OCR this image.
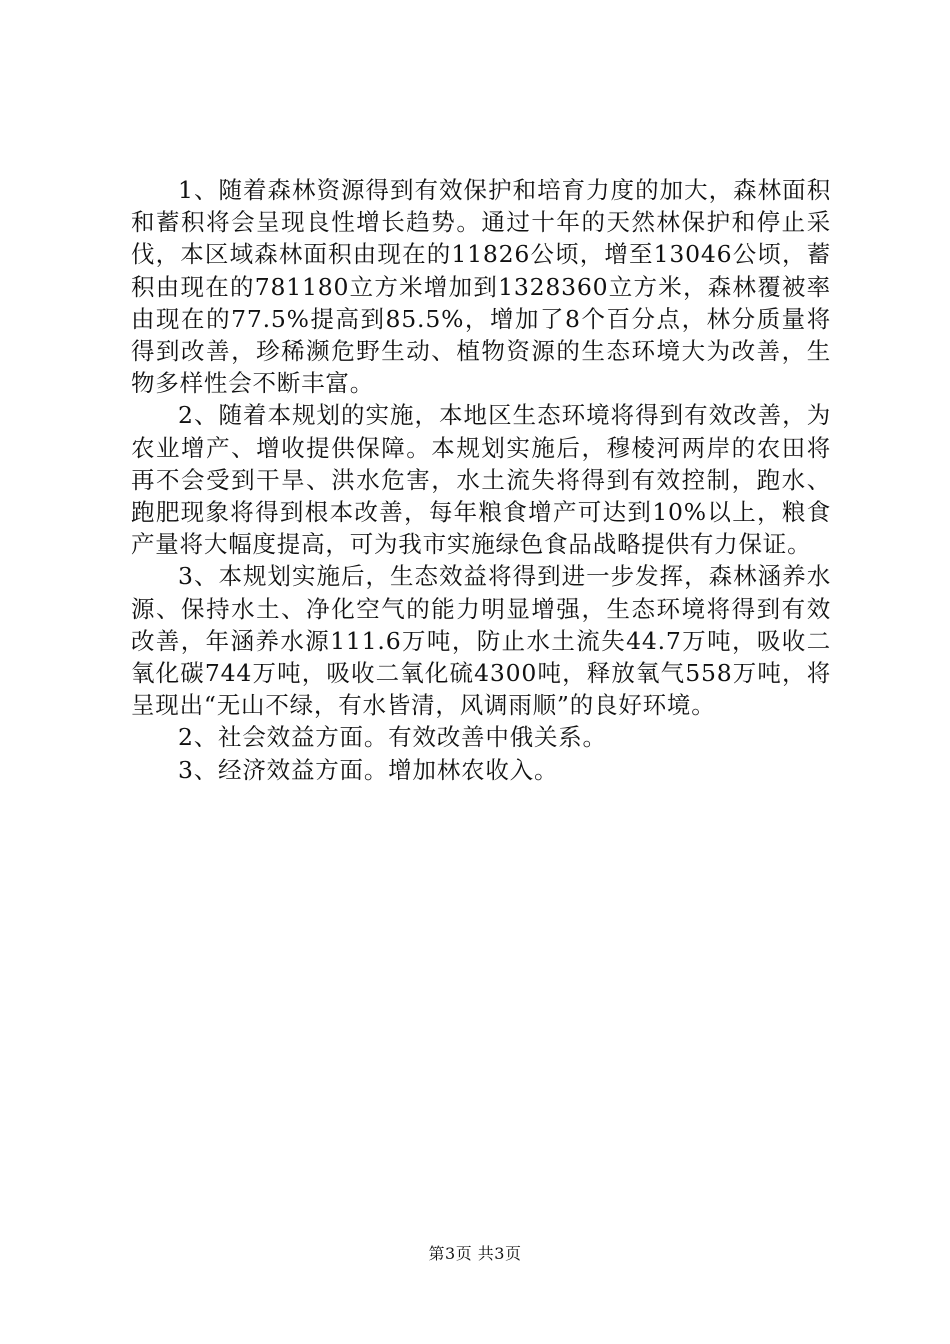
1、随着森林资源得到有效保护和培育力度的加大，森林面积和蓄积将会呈现良性增长趋势。通过十年的天然林保护和停止采伐，本区域森林面积由现在的11826公顷，增至13046公顷，蓄积由现在的781180立方米增加到1328360立方米，森林覆被率由现在的77.5%提高到85.5%，增加了8个百分点，林分质量将得到改善，珍稀濒危野生动、植物资源的生态环境大为改善，生物多样性会不断丰富。

2、随着本规划的实施，本地区生态环境将得到有效改善，为农业增产、增收提供保障。本规划实施后，穆棱河两岸的农田将再不会受到干旱、洪水危害，水土流失将得到有效控制，跑水、跑肥现象将得到根本改善，每年粮食增产可达到10%以上，粮食产量将大幅度提高，可为我市实施绿色食品战略提供有力保证。

3、本规划实施后，生态效益将得到进一步发挥，森林涵养水源、保持水土、净化空气的能力明显增强，生态环境将得到有效改善，年涵养水源111.6万吨，防止水土流失44.7万吨，吸收二氧化碳744万吨，吸收二氧化硫4300吨，释放氧气558万吨，将呈现出“无山不绿，有水皆清，风调雨顺”的良好环境。

2、社会效益方面。有效改善中俄关系。

3、经济效益方面。增加林农收入。

第3页 共3页
